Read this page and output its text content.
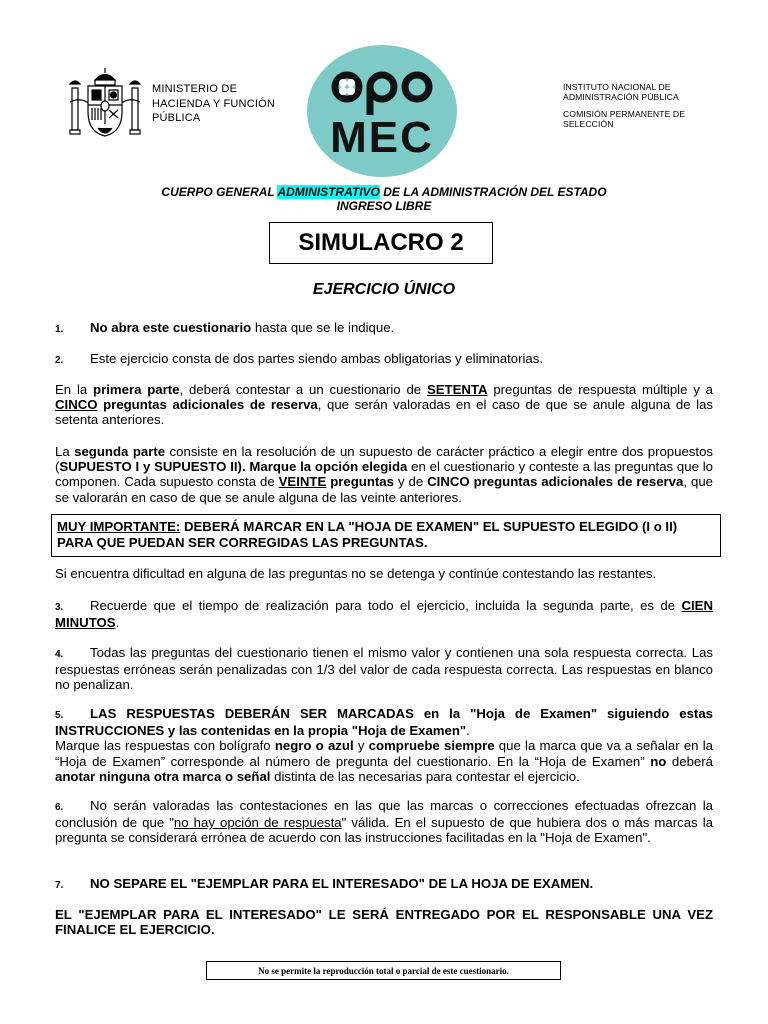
MINISTERIO DE
HACIENDA Y FUNCIÓN
PÚBLICA	MEC
INSTITUTO NACIONAL DE
ADMINISTRACIÓN PÚBLICA
COMISIÓN PERMANENTE DE
SELECCIÓN
CUERPO GENERAL ADMINISTRATIVO DE LA ADMINISTRACIÓN DEL ESTADO
INGRESO LIBRE
SIMULACRO 2
EJERCICIO ÚNICO
1. No abra este cuestionario hasta que se le indique.
2. Este ejercicio consta de dos partes siendo ambas obligatorias y eliminatorias.
En la primera parte, deberá contestar a un cuestionario de SETENTA preguntas de respuesta múltiple y a CINCO preguntas adicionales de reserva, que serán valoradas en el caso de que se anule alguna de las setenta anteriores.
La segunda parte consiste en la resolución de un supuesto de carácter práctico a elegir entre dos propuestos (SUPUESTO I y SUPUESTO II). Marque la opción elegida en el cuestionario y conteste a las preguntas que lo componen. Cada supuesto consta de VEINTE preguntas y de CINCO preguntas adicionales de reserva, que se valorarán en caso de que se anule alguna de las veinte anteriores.
MUY IMPORTANTE: DEBERÁ MARCAR EN LA "HOJA DE EXAMEN" EL SUPUESTO ELEGIDO (I o II) PARA QUE PUEDAN SER CORREGIDAS LAS PREGUNTAS.
Si encuentra dificultad en alguna de las preguntas no se detenga y continúe contestando las restantes.
3. Recuerde que el tiempo de realización para todo el ejercicio, incluida la segunda parte, es de CIEN MINUTOS.
4. Todas las preguntas del cuestionario tienen el mismo valor y contienen una sola respuesta correcta. Las respuestas erróneas serán penalizadas con 1/3 del valor de cada respuesta correcta. Las respuestas en blanco no penalizan.
5. LAS RESPUESTAS DEBERÁN SER MARCADAS en la "Hoja de Examen" siguiendo estas INSTRUCCIONES y las contenidas en la propia "Hoja de Examen".
Marque las respuestas con bolígrafo negro o azul y compruebe siempre que la marca que va a señalar en la “Hoja de Examen” corresponde al número de pregunta del cuestionario. En la “Hoja de Examen” no deberá anotar ninguna otra marca o señal distinta de las necesarias para contestar el ejercicio.
6. No serán valoradas las contestaciones en las que las marcas o correcciones efectuadas ofrezcan la conclusión de que "no hay opción de respuesta" válida. En el supuesto de que hubiera dos o más marcas la pregunta se considerará errónea de acuerdo con las instrucciones facilitadas en la "Hoja de Examen".
7. NO SEPARE EL "EJEMPLAR PARA EL INTERESADO" DE LA HOJA DE EXAMEN.
EL "EJEMPLAR PARA EL INTERESADO" LE SERÁ ENTREGADO POR EL RESPONSABLE UNA VEZ FINALICE EL EJERCICIO.
No se permite la reproducción total o parcial de este cuestionario.
